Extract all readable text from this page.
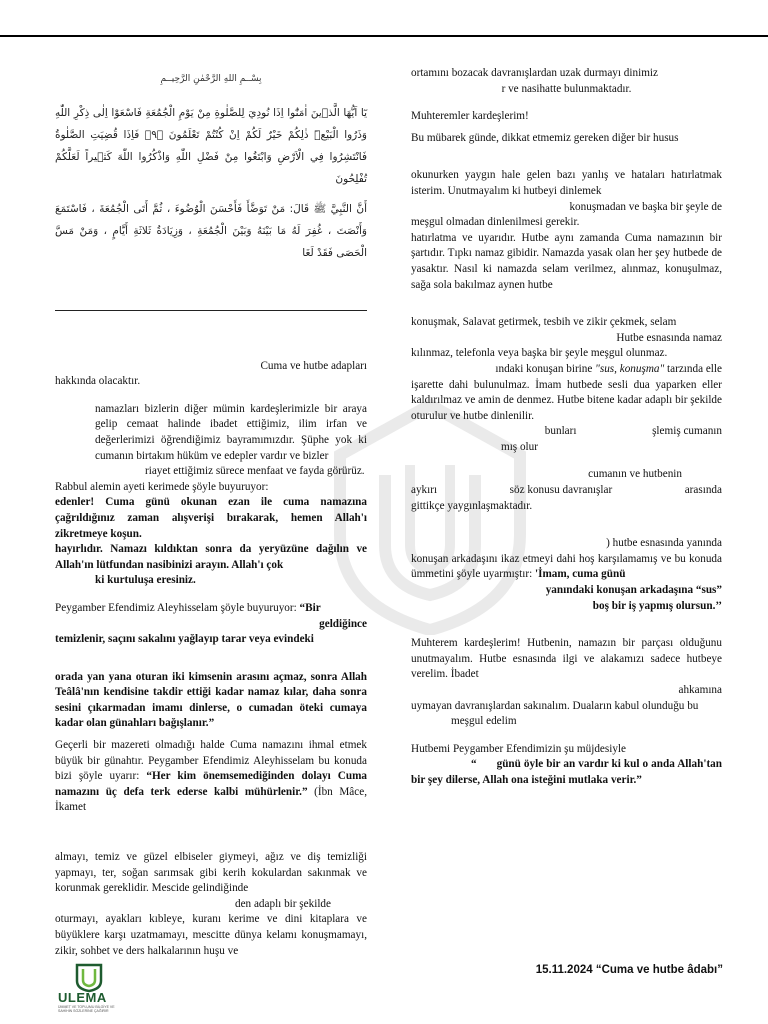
بِسْــمِ اللهِ الرَّحْمٰنِ الرَّحِيــمِ
يَٓا اَيُّهَا الَّذ۪ينَ اٰمَنُٓوا اِذَا نُودِيَ لِلصَّلٰوةِ مِنْ يَوْمِ الْجُمُعَةِ فَاسْعَوْا اِلٰى ذِكْرِ اللّٰهِ وَذَرُوا الْبَيْعَۜ ذٰلِكُمْ خَيْرٌ لَكُمْ اِنْ كُنْتُمْ تَعْلَمُونَ ﴿٩﴾ فَاِذَا قُضِيَتِ الصَّلٰوةُ فَانْتَشِرُوا فِي الْاَرْضِ وَابْتَغُوا مِنْ فَضْلِ اللّٰهِ وَاذْكُرُوا اللّٰهَ كَث۪يراً لَعَلَّكُمْ تُفْلِحُونَ
أَنَّ النَّبِيَّ ﷺ قَالَ: مَنْ تَوَضَّأَ فَأَحْسَنَ الْوُضُوءَ ، ثُمَّ أَتَى الْجُمُعَةَ ، فَاسْتَمَعَ وَأَنْصَتَ ، غُفِرَ لَهُ مَا بَيْنَهُ وَبَيْنَ الْجُمُعَةِ ، وَزِيَادَةُ ثَلاثَةِ أَيَّامٍ ، وَمَنْ مَسَّ الْحَصَى فَقَدْ لَغَا

Cuma ve hutbe adapları

hakkında olacaktır.

namazları bizlerin diğer mümin kardeşlerimizle bir araya gelip cemaat halinde ibadet ettiğimiz, ilim irfan ve değerlerimizi öğrendiğimiz bayramımızdır. Şüphe yok ki cumanın birtakım hüküm ve edepler vardır ve bizler

riayet ettiğimiz sürece menfaat ve fayda görürüz.

Rabbul alemin ayeti kerimede şöyle buyuruyor:

edenler! Cuma günü okunan ezan ile cuma namazına çağrıldığınız zaman alışverişi bırakarak, hemen Allah'ı zikretmeye koşun.

hayırlıdır. Namazı kıldıktan sonra da yeryüzüne dağılın ve Allah'ın lütfundan nasibinizi arayın. Allah'ı çok

ki kurtuluşa eresiniz.

Peygamber Efendimiz Aleyhisselam şöyle buyuruyor: “Bir

geldiğince

temizlenir, saçını sakalını yağlayıp tarar veya evindeki

orada yan yana oturan iki kimsenin arasını açmaz, sonra Allah Teâlâ'nın kendisine takdir ettiği kadar namaz kılar, daha sonra sesini çıkarmadan imamı dinlerse, o cumadan öteki cumaya kadar olan günahları bağışlanır.”

Geçerli bir mazereti olmadığı halde Cuma namazını ihmal etmek büyük bir günahtır. Peygamber Efendimiz Aleyhisselam bu konuda bizi şöyle uyarır: “Her kim önemsemediğinden dolayı Cuma namazını üç defa terk ederse kalbi mühürlenir.” (İbn Mâce, İkamet

almayı, temiz ve güzel elbiseler giymeyi, ağız ve diş temizliği yapmayı, ter, soğan sarımsak gibi kerih kokulardan sakınmak ve korunmak gereklidir. Mescide gelindiğinde

den adaplı bir şekilde

oturmayı, ayakları kıbleye, kuranı kerime ve dini kitaplara ve büyüklere karşı uzatmamayı, mescitte dünya kelamı konuşmamayı, zikir, sohbet ve ders halkalarının huşu ve

ortamını bozacak davranışlardan uzak durmayı dinimiz

r ve nasihatte bulunmaktadır.

Muhteremler kardeşlerim!

Bu mübarek günde, dikkat etmemiz gereken diğer bir husus

okunurken yaygın hale gelen bazı yanlış ve hataları hatırlatmak isterim. Unutmayalım ki hutbeyi dinlemek

konuşmadan ve başka bir şeyle de

meşgul olmadan dinlenilmesi gerekir.

hatırlatma ve uyarıdır. Hutbe aynı zamanda Cuma namazının bir şartıdır. Tıpkı namaz gibidir. Namazda yasak olan her şey hutbede de yasaktır. Nasıl ki namazda selam verilmez, alınmaz, konuşulmaz, sağa sola bakılmaz aynen hutbe

konuşmak, Salavat getirmek, tesbih ve zikir çekmek, selam

Hutbe esnasında namaz

kılınmaz, telefonla veya başka bir şeyle meşgul olunmaz.

ındaki konuşan birine "sus, konuşma" tarzında elle

işarette dahi bulunulmaz. İmam hutbede sesli dua yaparken eller kaldırılmaz ve amin de denmez. Hutbe bitene kadar adaplı bir şekilde oturulur ve hutbe dinlenilir.

bunları	şlemiş cumanın

mış olur

cumanın ve hutbenin

aykırı	söz konusu davranışlar	arasında

gittikçe yaygınlaşmaktadır.

) hutbe esnasında yanında

konuşan arkadaşını ikaz etmeyi dahi hoş karşılamamış ve bu konuda ümmetini şöyle uyarmıştır: 'İmam, cuma günü

yanındaki konuşan arkadaşına “sus”

boş bir iş yapmış olursun.’’

Muhterem kardeşlerim! Hutbenin, namazın bir parçası olduğunu unutmayalım. Hutbe esnasında ilgi ve alakamızı sadece hutbeye verelim. İbadet

ahkamına

uymayan davranışlardan sakınalım. Duaların kabul olunduğu bu

meşgul edelim

Hutbemi Peygamber Efendimizin şu müjdesiyle

“ günü öyle bir an vardır ki kul o anda Allah'tan bir şey dilerse, Allah ona isteğini mutlaka verir.”

ULEMA
ÜMMET VE TOPLUMU BİLGİYE VE SAHİHİN SÖZLERİNE ÇAĞIRIR
15.11.2024 “Cuma ve hutbe âdabı”
